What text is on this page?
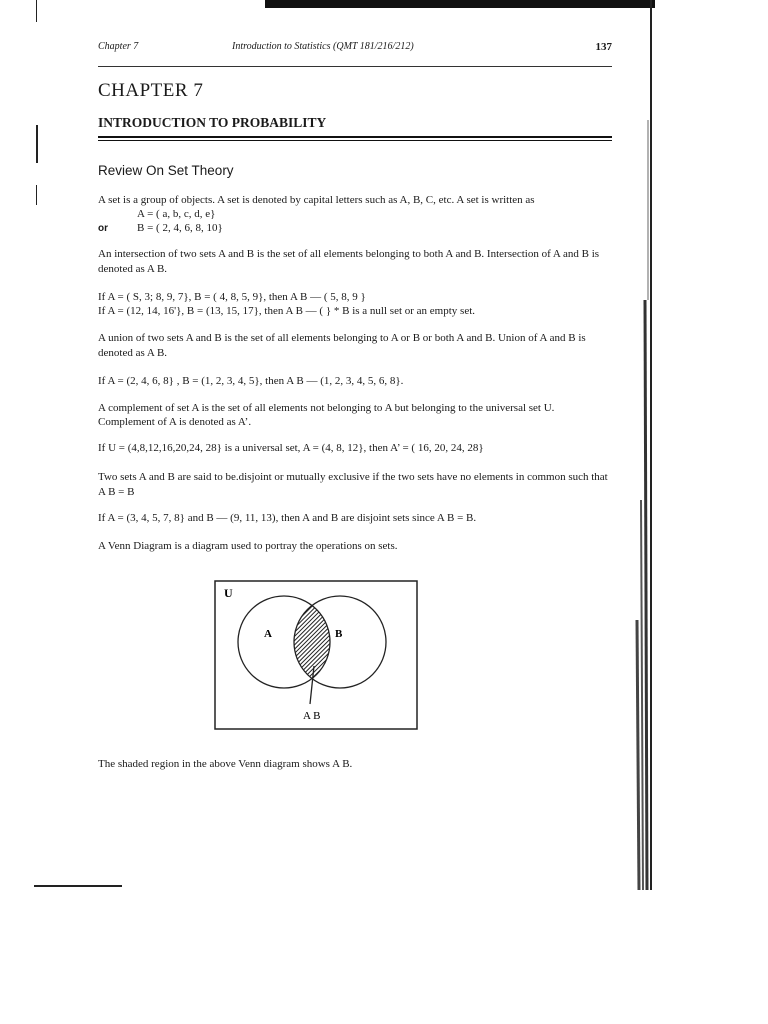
Chapter 7	Introduction to Statistics (QMT 181/216/212)	137
CHAPTER 7
INTRODUCTION TO PROBABILITY
Review On Set Theory
A set is a group of objects. A set is denoted by capital letters such as A, B, C, etc. A set is written as
A = ( a, b, c, d, e}
or	B = ( 2, 4, 6, 8, 10}
An intersection of two sets A and B is the set of all elements belonging to both A and B. Intersection of A and B is denoted as A B.
If A = ( S, 3; 8, 9, 7}, B = ( 4, 8, 5, 9}, then A B — ( 5, 8, 9 }
If A = (12, 14, 16'}, B = (13, 15, 17}, then A B — ( } * B is a null set or an empty set.
A union of two sets A and B is the set of all elements belonging to A or B or both A and B. Union of A and B is denoted as A B.
If A = (2, 4, 6, 8} , B = (1, 2, 3, 4, 5}, then A B — (1, 2, 3, 4, 5, 6, 8}.
A complement of set A is the set of all elements not belonging to A but belonging to the universal set U.
Complement of A is denoted as A’.
If U = (4,8,12,16,20,24, 28} is a universal set, A = (4, 8, 12}, then A’ = ( 16, 20, 24, 28}
Two sets A and B are said to be.disjoint or mutually exclusive if the two sets have no elements in common such that A B = B
If A = (3, 4, 5, 7, 8} and B — (9, 11, 13), then A and B are disjoint sets since A B = B.
A Venn Diagram is a diagram used to portray the operations on sets.
U
A	B
A B
The shaded region in the above Venn diagram shows A B.
